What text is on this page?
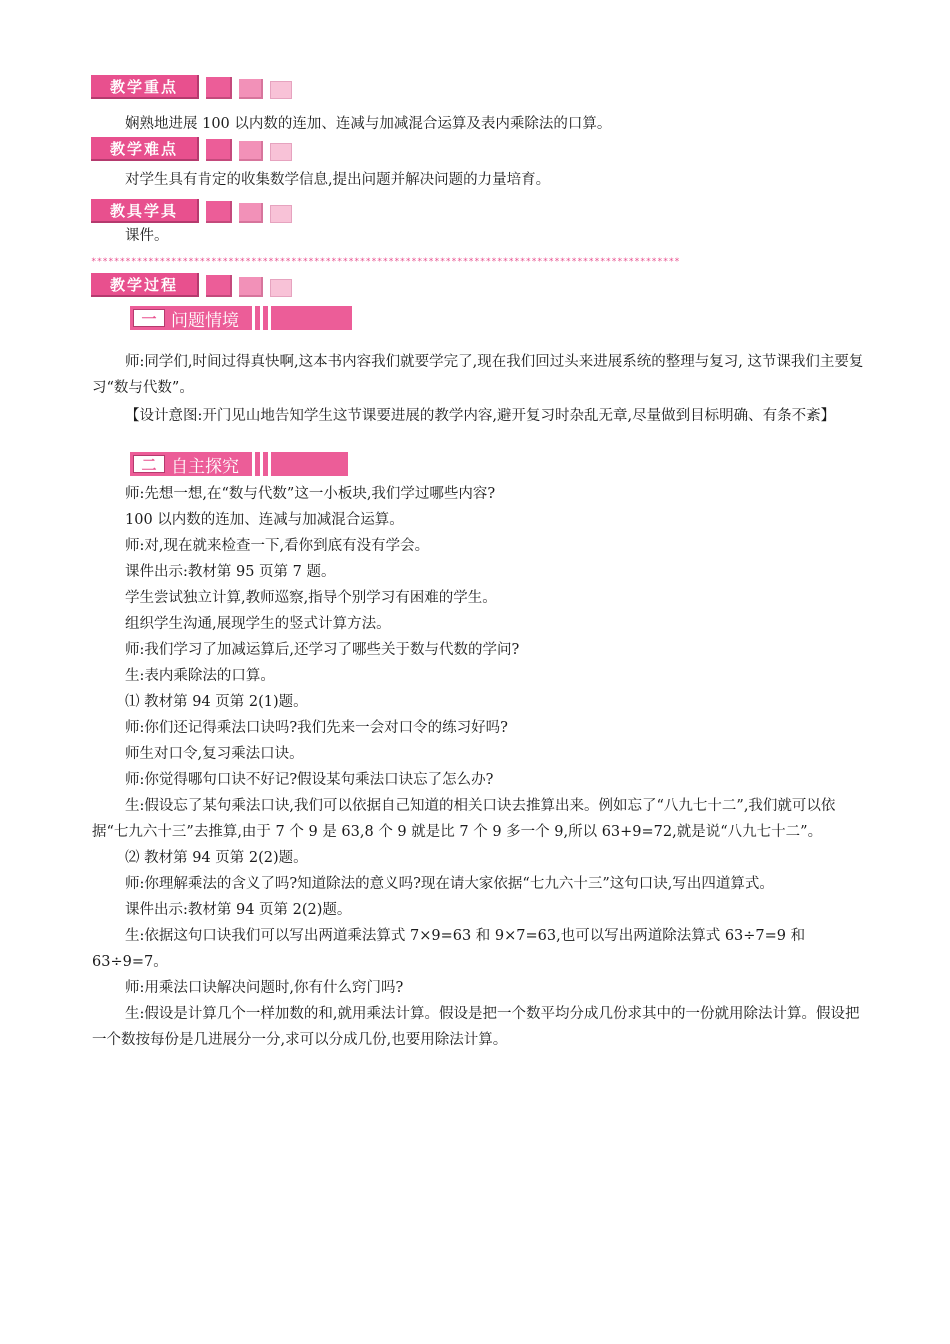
教学重点

娴熟地进展 100 以内数的连加、连减与加减混合运算及表内乘除法的口算。

教学难点

对学生具有肯定的收集数学信息,提出问题并解决问题的力量培育。

教具学具

课件。

*******************************************************************************************************
教学过程
一 问题情境

师:同学们,时间过得真快啊,这本书内容我们就要学完了,现在我们回过头来进展系统的整理与复习, 这节课我们主要复习“数与代数”。

【设计意图:开门见山地告知学生这节课要进展的教学内容,避开复习时杂乱无章,尽量做到目标明确、有条不紊】

二 自主探究

师:先想一想,在“数与代数”这一小板块,我们学过哪些内容?

100 以内数的连加、连减与加减混合运算。

师:对,现在就来检查一下,看你到底有没有学会。

课件出示:教材第 95 页第 7 题。

学生尝试独立计算,教师巡察,指导个别学习有困难的学生。

组织学生沟通,展现学生的竖式计算方法。

师:我们学习了加减运算后,还学习了哪些关于数与代数的学问?

生:表内乘除法的口算。

⑴ 教材第 94 页第 2(1)题。

师:你们还记得乘法口诀吗?我们先来一会对口令的练习好吗?

师生对口令,复习乘法口诀。

师:你觉得哪句口诀不好记?假设某句乘法口诀忘了怎么办?

生:假设忘了某句乘法口诀,我们可以依据自己知道的相关口诀去推算出来。例如忘了“八九七十二”,我们就可以依据“七九六十三”去推算,由于 7 个 9 是 63,8 个 9 就是比 7 个 9 多一个 9,所以 63+9=72,就是说“八九七十二”。

⑵ 教材第 94 页第 2(2)题。

师:你理解乘法的含义了吗?知道除法的意义吗?现在请大家依据“七九六十三”这句口诀,写出四道算式。

课件出示:教材第 94 页第 2(2)题。

生:依据这句口诀我们可以写出两道乘法算式 7×9=63 和 9×7=63,也可以写出两道除法算式 63÷7=9 和 63÷9=7。

师:用乘法口诀解决问题时,你有什么窍门吗?

生:假设是计算几个一样加数的和,就用乘法计算。假设是把一个数平均分成几份求其中的一份就用除法计算。假设把一个数按每份是几进展分一分,求可以分成几份,也要用除法计算。
